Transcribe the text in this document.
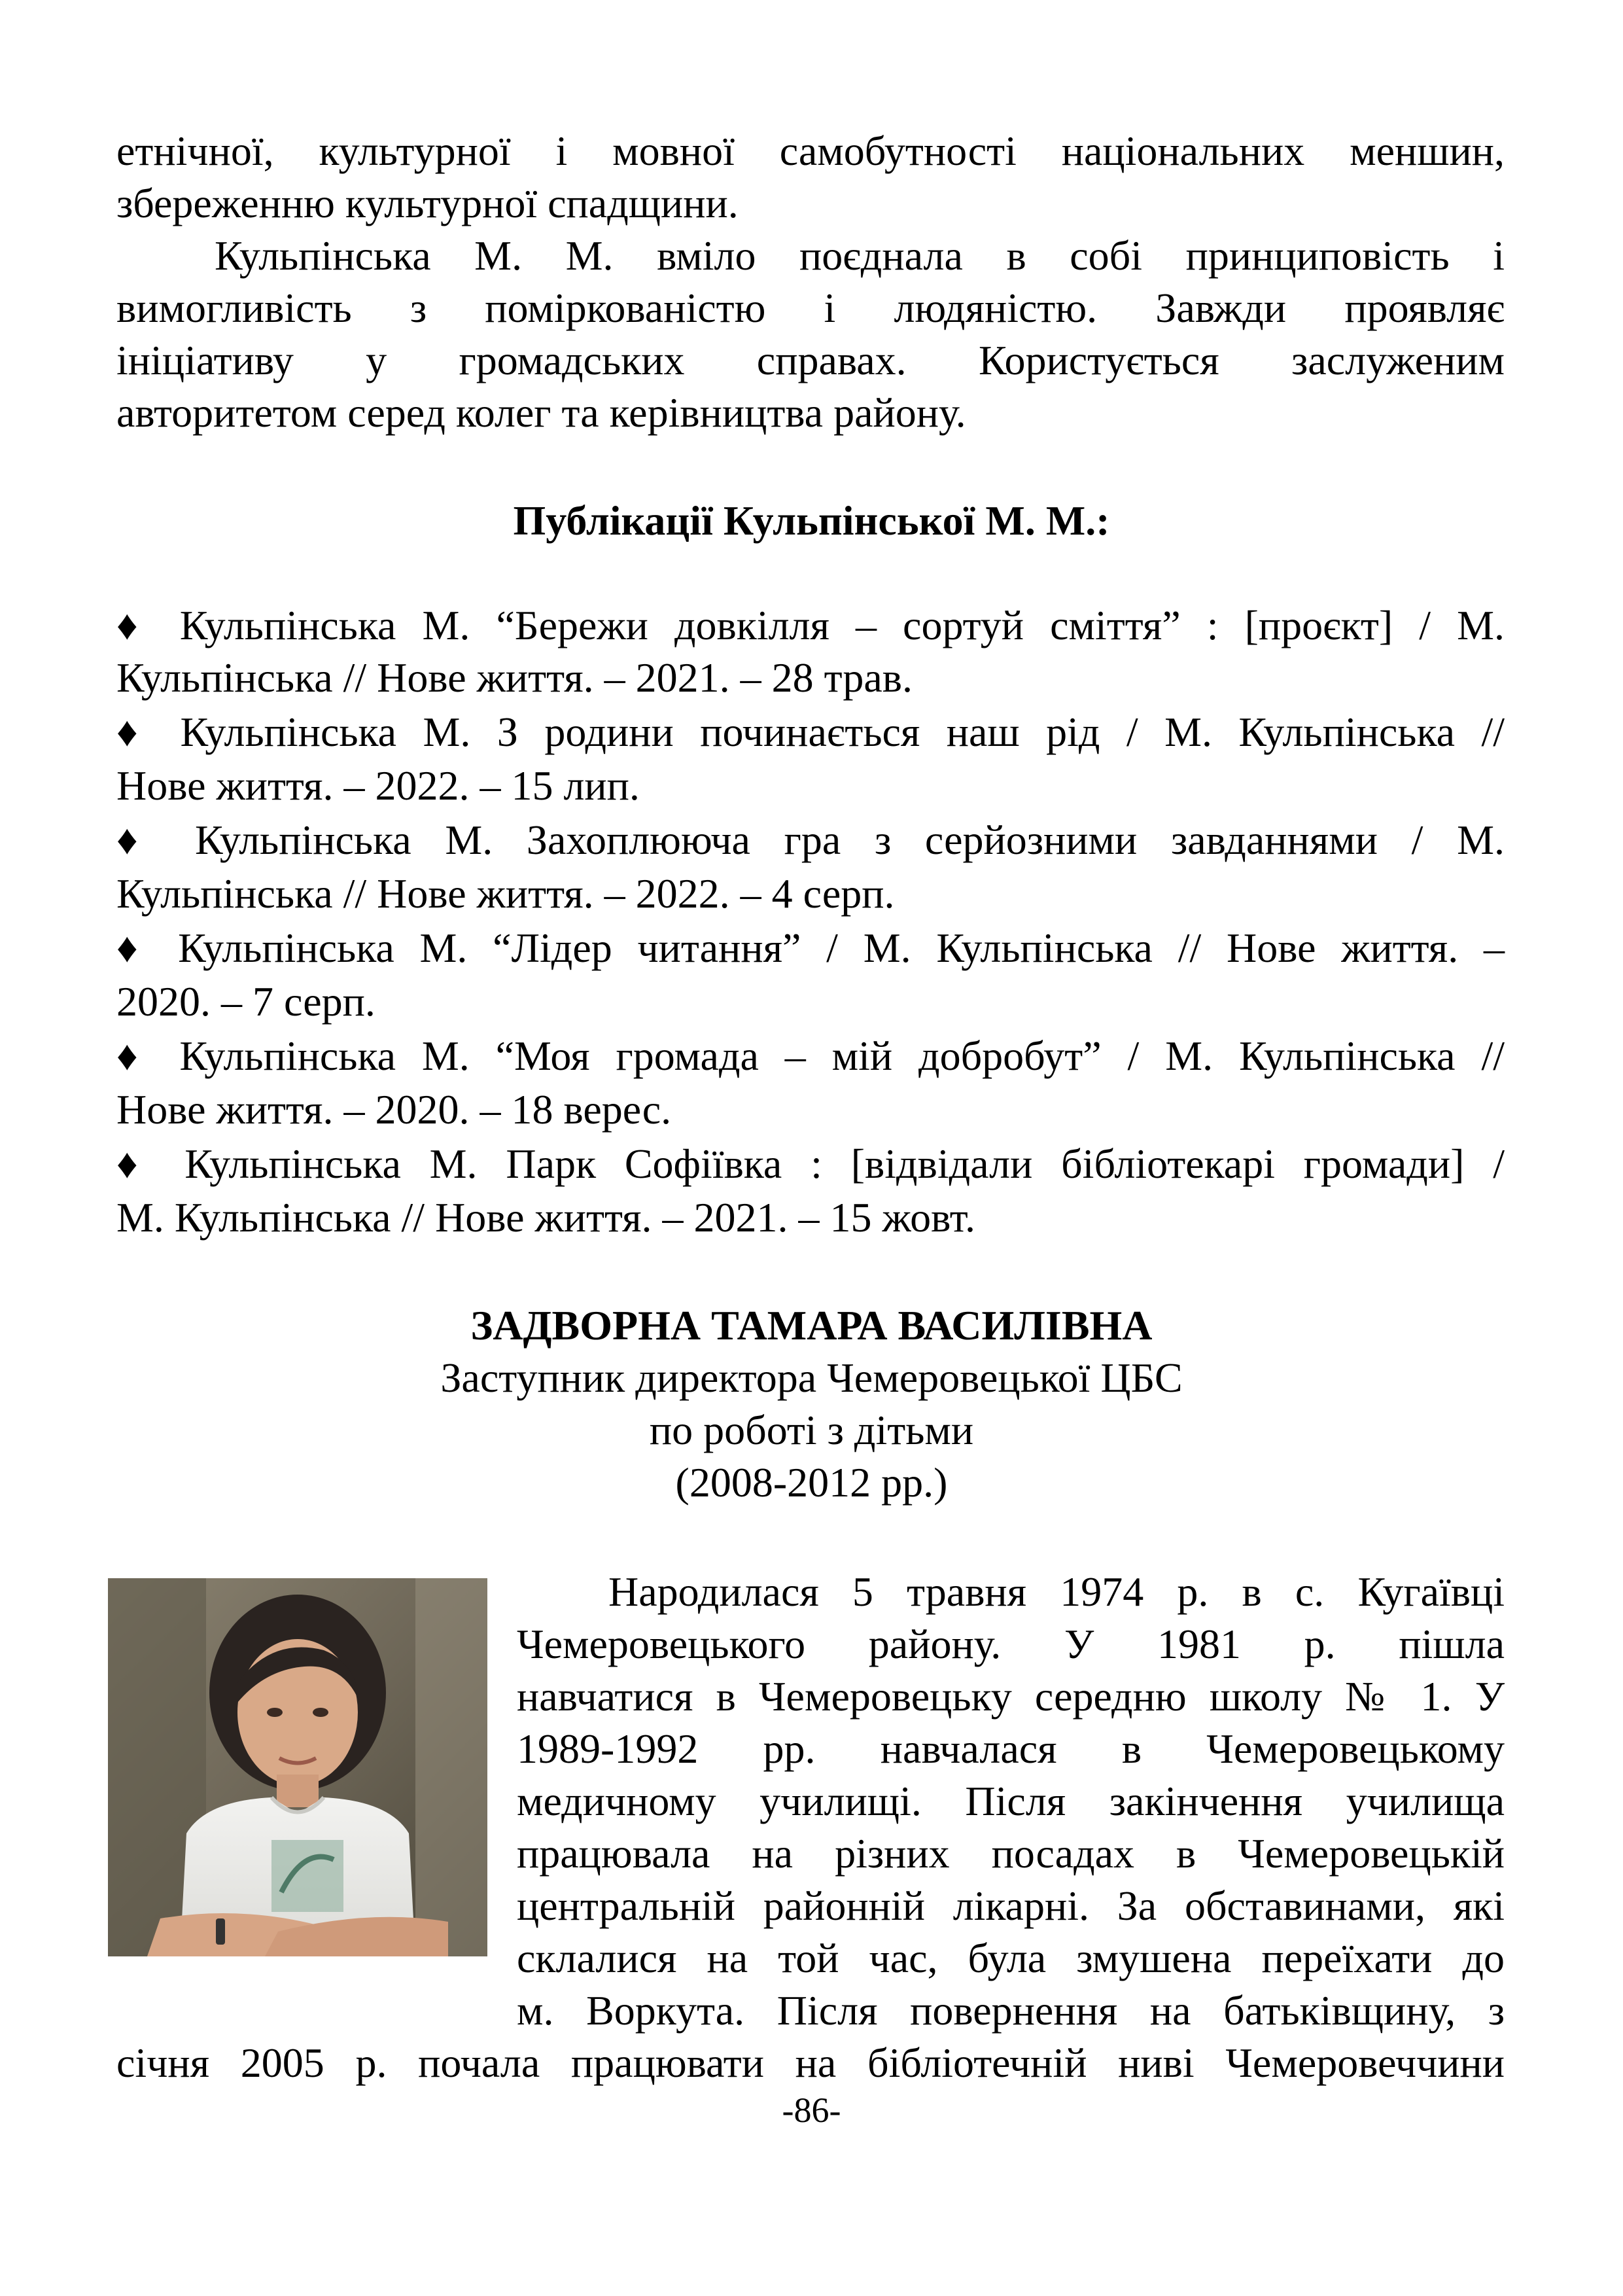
етнічної, культурної і мовної самобутності національних меншин,
збереженню культурної спадщини.
Кульпінська М. М. вміло поєднала в собі принциповість і
вимогливість з поміркованістю і людяністю. Завжди проявляє
ініціативу у громадських справах. Користується заслуженим
авторитетом серед колег та керівництва району.
Публікації Кульпінської М. М.:
♦ Кульпінська М. “Бережи довкілля – сортуй сміття” : [проєкт] / М.
Кульпінська // Нове життя. – 2021. – 28 трав.
♦ Кульпінська М. З родини починається наш рід / М. Кульпінська //
Нове життя. – 2022. – 15 лип.
♦ Кульпінська М. Захоплююча гра з серйозними завданнями / М.
Кульпінська // Нове життя. – 2022. – 4 серп.
♦ Кульпінська М. “Лідер читання” / М. Кульпінська // Нове життя. –
2020. – 7 серп.
♦ Кульпінська М. “Моя громада – мій добробут” / М. Кульпінська //
Нове життя. – 2020. – 18 верес.
♦ Кульпінська М. Парк Софіївка : [відвідали бібліотекарі громади] /
М. Кульпінська // Нове життя. – 2021. – 15 жовт.
ЗАДВОРНА ТАМАРА ВАСИЛІВНА
Заступник директора Чемеровецької ЦБС
по роботі з дітьми
(2008-2012 рр.)
Народилася 5 травня 1974 р. в с. Кугаївці
Чемеровецького району. У 1981 р. пішла
навчатися в Чемеровецьку середню школу № 1. У
1989-1992 рр. навчалася в Чемеровецькому
медичному училищі. Після закінчення училища
працювала на різних посадах в Чемеровецькій
центральній районній лікарні. За обставинами, які
склалися на той час, була змушена переїхати до
м. Воркута. Після повернення на батьківщину, з
січня 2005 р. почала працювати на бібліотечній ниві Чемеровеччини
-86-
